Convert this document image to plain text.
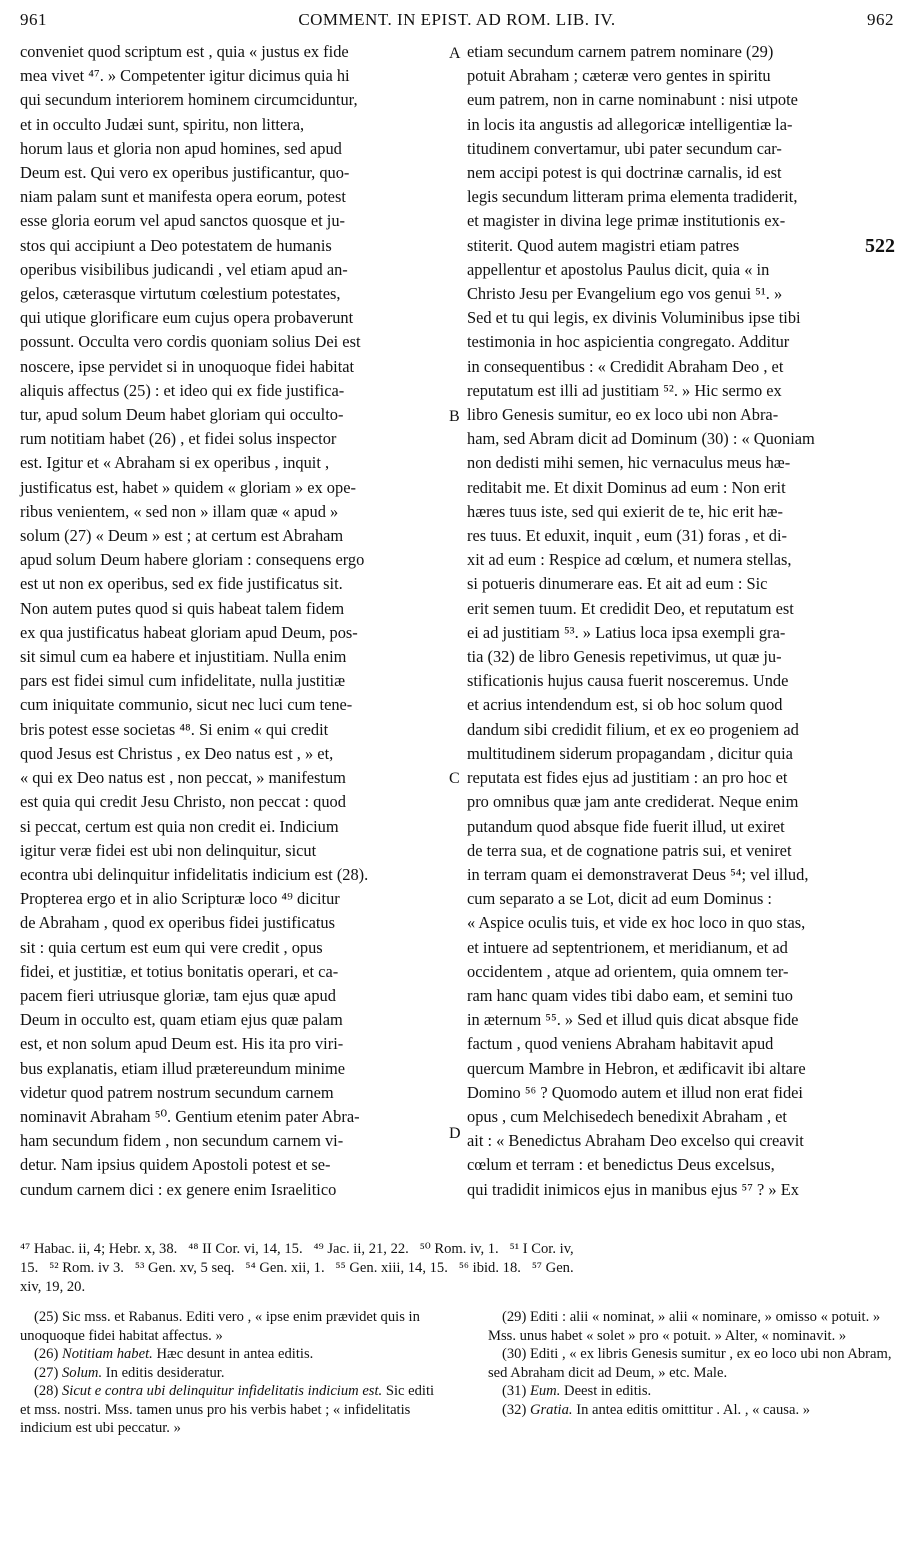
961	COMMENT. IN EPIST. AD ROM. LIB. IV.	962
conveniet quod scriptum est , quia « justus ex fide
mea vivet ⁴⁷. » Competenter igitur dicimus quia hi
qui secundum interiorem hominem circumciduntur,
et in occulto Judæi sunt, spiritu, non littera,
horum laus et gloria non apud homines, sed apud
Deum est. Qui vero ex operibus justificantur, quo-
niam palam sunt et manifesta opera eorum, potest
esse gloria eorum vel apud sanctos quosque et ju-
stos qui accipiunt a Deo potestatem de humanis
operibus visibilibus judicandi , vel etiam apud an-
gelos, cæterasque virtutum cœlestium potestates,
qui utique glorificare eum cujus opera probaverunt
possunt. Occulta vero cordis quoniam solius Dei est
noscere, ipse pervidet si in unoquoque fidei habitat
aliquis affectus (25) : et ideo qui ex fide justifica-
tur, apud solum Deum habet gloriam qui occulto-
rum notitiam habet (26) , et fidei solus inspector
est. Igitur et « Abraham si ex operibus , inquit ,
justificatus est, habet » quidem « gloriam » ex ope-
ribus venientem, « sed non » illam quæ « apud »
solum (27) « Deum » est ; at certum est Abraham
apud solum Deum habere gloriam : consequens ergo
est ut non ex operibus, sed ex fide justificatus sit.
Non autem putes quod si quis habeat talem fidem
ex qua justificatus habeat gloriam apud Deum, pos-
sit simul cum ea habere et injustitiam. Nulla enim
pars est fidei simul cum infidelitate, nulla justitiæ
cum iniquitate communio, sicut nec luci cum tene-
bris potest esse societas ⁴⁸. Si enim « qui credit
quod Jesus est Christus , ex Deo natus est , » et,
« qui ex Deo natus est , non peccat, » manifestum
est quia qui credit Jesu Christo, non peccat : quod
si peccat, certum est quia non credit ei. Indicium
igitur veræ fidei est ubi non delinquitur, sicut
econtra ubi delinquitur infidelitatis indicium est (28).
Propterea ergo et in alio Scripturæ loco ⁴⁹ dicitur
de Abraham , quod ex operibus fidei justificatus
sit : quia certum est eum qui vere credit , opus
fidei, et justitiæ, et totius bonitatis operari, et ca-
pacem fieri utriusque gloriæ, tam ejus quæ apud
Deum in occulto est, quam etiam ejus quæ palam
est, et non solum apud Deum est. His ita pro viri-
bus explanatis, etiam illud prætereundum minime
videtur quod patrem nostrum secundum carnem
nominavit Abraham ⁵⁰. Gentium etenim pater Abra-
ham secundum fidem , non secundum carnem vi-
detur. Nam ipsius quidem Apostoli potest et se-
cundum carnem dici : ex genere enim Israelitico
etiam secundum carnem patrem nominare (29)
potuit Abraham ; cæteræ vero gentes in spiritu
eum patrem, non in carne nominabunt : nisi utpote
in locis ita angustis ad allegoricæ intelligentiæ la-
titudinem convertamur, ubi pater secundum car-
nem accipi potest is qui doctrinæ carnalis, id est
legis secundum litteram prima elementa tradiderit,
et magister in divina lege primæ institutionis ex-
522
stiterit. Quod autem magistri etiam patres
appellentur et apostolus Paulus dicit, quia « in
Christo Jesu per Evangelium ego vos genui ⁵¹. »
Sed et tu qui legis, ex divinis Voluminibus ipse tibi
testimonia in hoc aspicientia congregato. Additur
in consequentibus : « Credidit Abraham Deo , et
reputatum est illi ad justitiam ⁵². » Hic sermo ex
libro Genesis sumitur, eo ex loco ubi non Abra-
ham, sed Abram dicit ad Dominum (30) : « Quoniam
non dedisti mihi semen, hic vernaculus meus hæ-
reditabit me. Et dixit Dominus ad eum : Non erit
hæres tuus iste, sed qui exierit de te, hic erit hæ-
res tuus. Et eduxit, inquit , eum (31) foras , et di-
xit ad eum : Respice ad cœlum, et numera stellas,
si potueris dinumerare eas. Et ait ad eum : Sic
erit semen tuum. Et credidit Deo, et reputatum est
ei ad justitiam ⁵³. » Latius loca ipsa exempli gra-
tia (32) de libro Genesis repetivimus, ut quæ ju-
stificationis hujus causa fuerit nosceremus. Unde
et acrius intendendum est, si ob hoc solum quod
dandum sibi credidit filium, et ex eo progeniem ad
multitudinem siderum propagandam , dicitur quia
reputata est fides ejus ad justitiam : an pro hoc et
pro omnibus quæ jam ante crediderat. Neque enim
putandum quod absque fide fuerit illud, ut exiret
de terra sua, et de cognatione patris sui, et veniret
in terram quam ei demonstraverat Deus ⁵⁴; vel illud,
cum separato a se Lot, dicit ad eum Dominus :
« Aspice oculis tuis, et vide ex hoc loco in quo stas,
et intuere ad septentrionem, et meridianum, et ad
occidentem , atque ad orientem, quia omnem ter-
ram hanc quam vides tibi dabo eam, et semini tuo
in æternum ⁵⁵. » Sed et illud quis dicat absque fide
factum , quod veniens Abraham habitavit apud
quercum Mambre in Hebron, et ædificavit ibi altare
Domino ⁵⁶ ? Quomodo autem et illud non erat fidei
opus , cum Melchisedech benedixit Abraham , et
ait : « Benedictus Abraham Deo excelso qui creavit
cœlum et terram : et benedictus Deus excelsus,
qui tradidit inimicos ejus in manibus ejus ⁵⁷ ? » Ex
A
B
C
D
⁴⁷ Habac. ii, 4; Hebr. x, 38.   ⁴⁸ II Cor. vi, 14, 15.   ⁴⁹ Jac. ii, 21, 22.   ⁵⁰ Rom. iv, 1.   ⁵¹ I Cor. iv,
15.   ⁵² Rom. iv 3.   ⁵³ Gen. xv, 5 seq.   ⁵⁴ Gen. xii, 1.   ⁵⁵ Gen. xiii, 14, 15.   ⁵⁶ ibid. 18.   ⁵⁷ Gen.
xiv, 19, 20.

(25) Sic mss. et Rabanus. Editi vero , « ipse enim prævidet quis in unoquoque fidei habitat affectus. »

(26) Notitiam habet. Hæc desunt in antea editis.

(27) Solum. In editis desideratur.

(28) Sicut e contra ubi delinquitur infidelitatis indicium est. Sic editi et mss. nostri. Mss. tamen unus pro his verbis habet ; « infidelitatis indicium est ubi peccatur. »

(29) Editi : alii « nominat, » alii « nominare, » omisso « potuit. » Mss. unus habet « solet » pro « potuit. » Alter, « nominavit. »

(30) Editi , « ex libris Genesis sumitur , ex eo loco ubi non Abram, sed Abraham dicit ad Deum, » etc. Male.

(31) Eum. Deest in editis.

(32) Gratia. In antea editis omittitur . Al. , « causa. »
